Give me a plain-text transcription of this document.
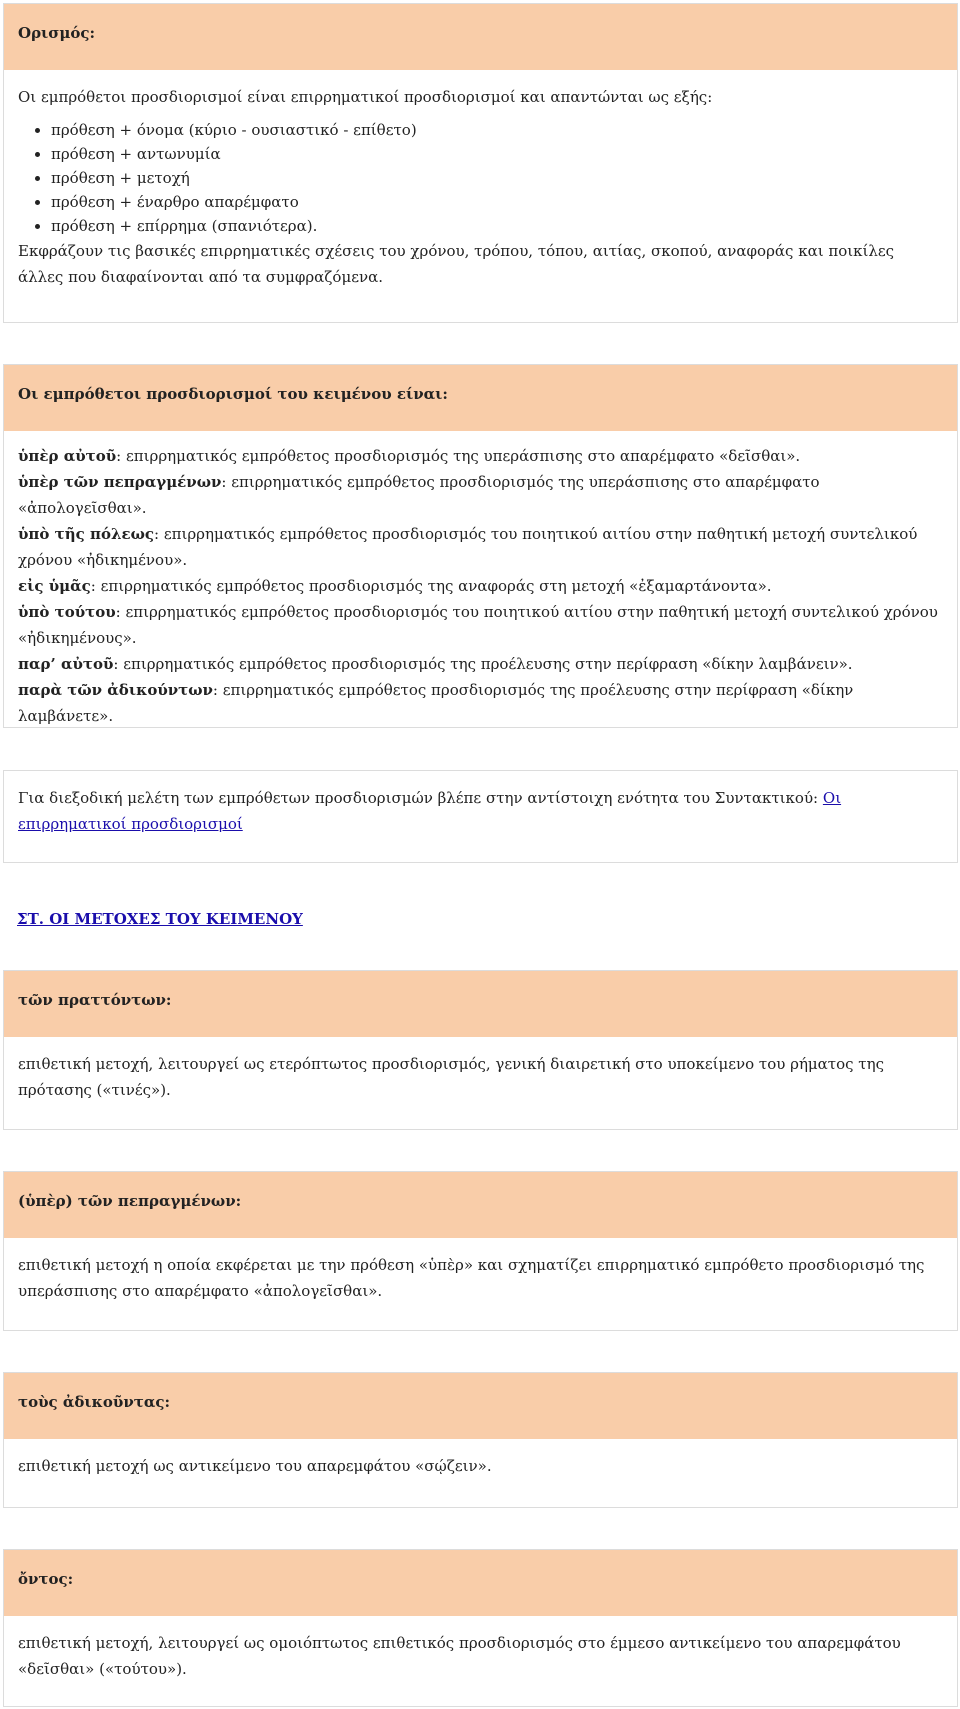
Ορισμός:

Οι εμπρόθετοι προσδιορισμοί είναι επιρρηματικοί προσδιορισμοί και απαντώνται ως εξής:

• πρόθεση + όνομα (κύριο - ουσιαστικό - επίθετο)
• πρόθεση + αντωνυμία
• πρόθεση + μετοχή
• πρόθεση + έναρθρο απαρέμφατο
• πρόθεση + επίρρημα (σπανιότερα).

Εκφράζουν τις βασικές επιρρηματικές σχέσεις του χρόνου, τρόπου, τόπου, αιτίας, σκοπού, αναφοράς και ποικίλες άλλες που διαφαίνονται από τα συμφραζόμενα.

Οι εμπρόθετοι προσδιορισμοί του κειμένου είναι:

ὑπὲρ αὐτοῦ: επιρρηματικός εμπρόθετος προσδιορισμός της υπεράσπισης στο απαρέμφατο «δεῖσθαι».

ὑπὲρ τῶν πεπραγμένων: επιρρηματικός εμπρόθετος προσδιορισμός της υπεράσπισης στο απαρέμφατο «ἀπολογεῖσθαι».

ὑπὸ τῆς πόλεως: επιρρηματικός εμπρόθετος προσδιορισμός του ποιητικού αιτίου στην παθητική μετοχή συντελικού χρόνου «ἠδικημένου».

εἰς ὑμᾶς: επιρρηματικός εμπρόθετος προσδιορισμός της αναφοράς στη μετοχή «ἐξαμαρτάνοντα».

ὑπὸ τούτου: επιρρηματικός εμπρόθετος προσδιορισμός του ποιητικού αιτίου στην παθητική μετοχή συντελικού χρόνου «ἠδικημένους».

παρ’ αὐτοῦ: επιρρηματικός εμπρόθετος προσδιορισμός της προέλευσης στην περίφραση «δίκην λαμβάνειν».

παρὰ τῶν ἀδικούντων: επιρρηματικός εμπρόθετος προσδιορισμός της προέλευσης στην περίφραση «δίκην λαμβάνετε».

Για διεξοδική μελέτη των εμπρόθετων προσδιορισμών βλέπε στην αντίστοιχη ενότητα του Συντακτικού: Οι επιρρηματικοί προσδιορισμοί

ΣΤ. ΟΙ ΜΕΤΟΧΕΣ ΤΟΥ ΚΕΙΜΕΝΟΥ
τῶν πραττόντων:

επιθετική μετοχή, λειτουργεί ως ετερόπτωτος προσδιορισμός, γενική διαιρετική στο υποκείμενο του ρήματος της πρότασης («τινές»).

(ὑπὲρ) τῶν πεπραγμένων:

επιθετική μετοχή η οποία εκφέρεται με την πρόθεση «ὑπὲρ» και σχηματίζει επιρρηματικό εμπρόθετο προσδιορισμό της υπεράσπισης στο απαρέμφατο «ἀπολογεῖσθαι».

τοὺς ἀδικοῦντας:

επιθετική μετοχή ως αντικείμενο του απαρεμφάτου «σῴζειν».

ὄντος:

επιθετική μετοχή, λειτουργεί ως ομοιόπτωτος επιθετικός προσδιορισμός στο έμμεσο αντικείμενο του απαρεμφάτου «δεῖσθαι» («τούτου»).
